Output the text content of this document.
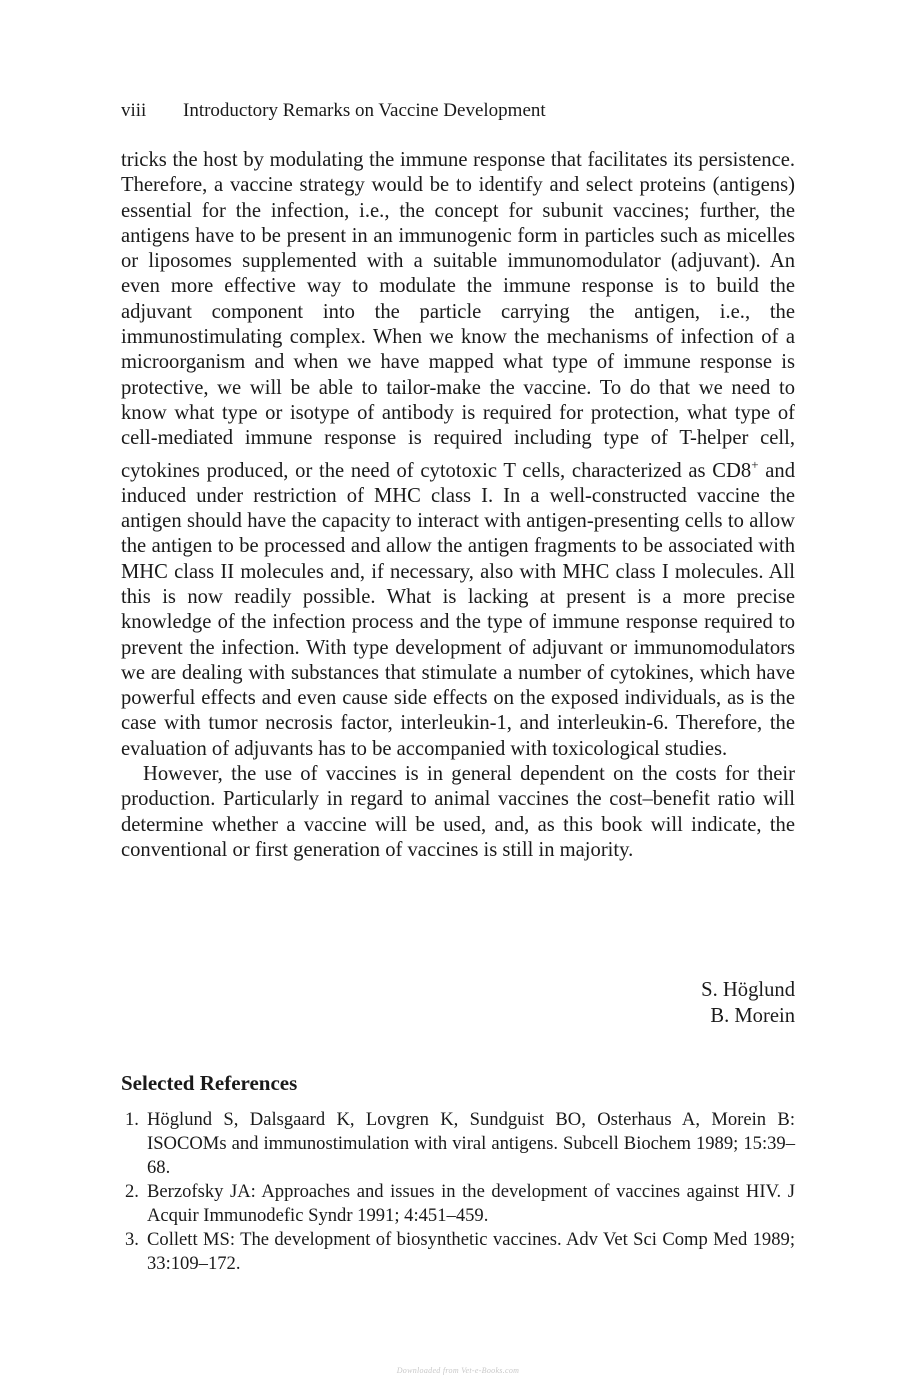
viii Introductory Remarks on Vaccine Development

tricks the host by modulating the immune response that facilitates its persistence. Therefore, a vaccine strategy would be to identify and select proteins (antigens) essential for the infection, i.e., the concept for subunit vaccines; further, the antigens have to be present in an immunogenic form in particles such as micelles or liposomes supplemented with a suitable immunomodulator (adjuvant). An even more effective way to modulate the immune response is to build the adjuvant component into the particle carrying the antigen, i.e., the immunostimulating complex. When we know the mechanisms of infection of a microorganism and when we have mapped what type of immune response is protective, we will be able to tailor-make the vaccine. To do that we need to know what type or isotype of antibody is required for protection, what type of cell-mediated immune response is required including type of T-helper cell, cytokines produced, or the need of cytotoxic T cells, characterized as CD8+ and induced under restriction of MHC class I. In a well-constructed vaccine the antigen should have the capacity to interact with antigen-presenting cells to allow the antigen to be processed and allow the antigen fragments to be associated with MHC class II molecules and, if necessary, also with MHC class I molecules. All this is now readily possible. What is lacking at present is a more precise knowledge of the infection process and the type of immune response required to prevent the infection. With type development of adjuvant or immunomodulators we are dealing with substances that stimulate a number of cytokines, which have powerful effects and even cause side effects on the exposed individuals, as is the case with tumor necrosis factor, interleukin-1, and interleukin-6. Therefore, the evaluation of adjuvants has to be accompanied with toxicological studies.

However, the use of vaccines is in general dependent on the costs for their production. Particularly in regard to animal vaccines the cost–benefit ratio will determine whether a vaccine will be used, and, as this book will indicate, the conventional or first generation of vaccines is still in majority.

S. Höglund
B. Morein
Selected References
1. Höglund S, Dalsgaard K, Lovgren K, Sundguist BO, Osterhaus A, Morein B: ISOCOMs and immunostimulation with viral antigens. Subcell Biochem 1989; 15:39–68.
2. Berzofsky JA: Approaches and issues in the development of vaccines against HIV. J Acquir Immunodefic Syndr 1991; 4:451–459.
3. Collett MS: The development of biosynthetic vaccines. Adv Vet Sci Comp Med 1989; 33:109–172.
Downloaded from Vet-e-Books.com
